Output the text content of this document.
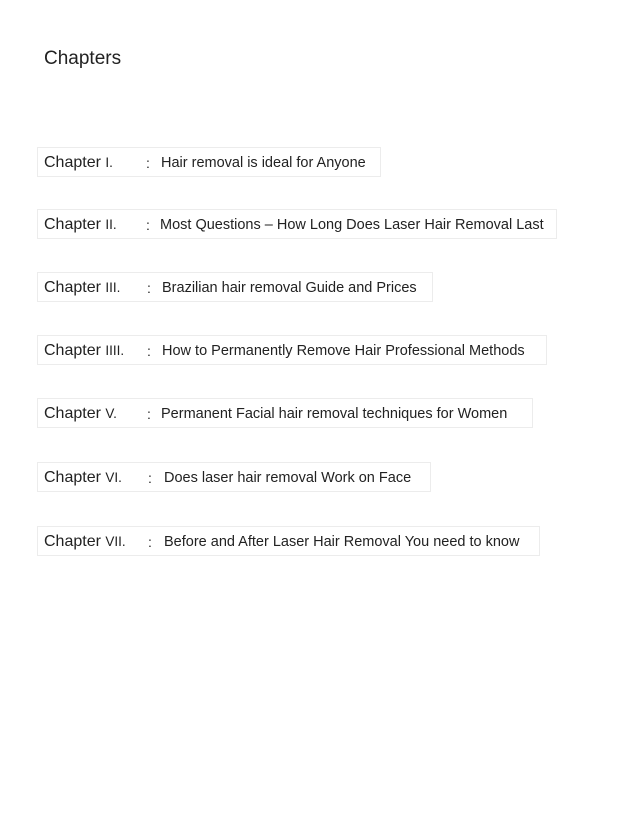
Chapters
Chapter I. : Hair removal is ideal for Anyone
Chapter II. : Most Questions – How Long Does Laser Hair Removal Last
Chapter III. : Brazilian hair removal Guide and Prices
Chapter IIII. : How to Permanently Remove Hair Professional Methods
Chapter V. : Permanent Facial hair removal techniques for Women
Chapter VI. : Does laser hair removal Work on Face
Chapter VII. : Before and After Laser Hair Removal You need to know
